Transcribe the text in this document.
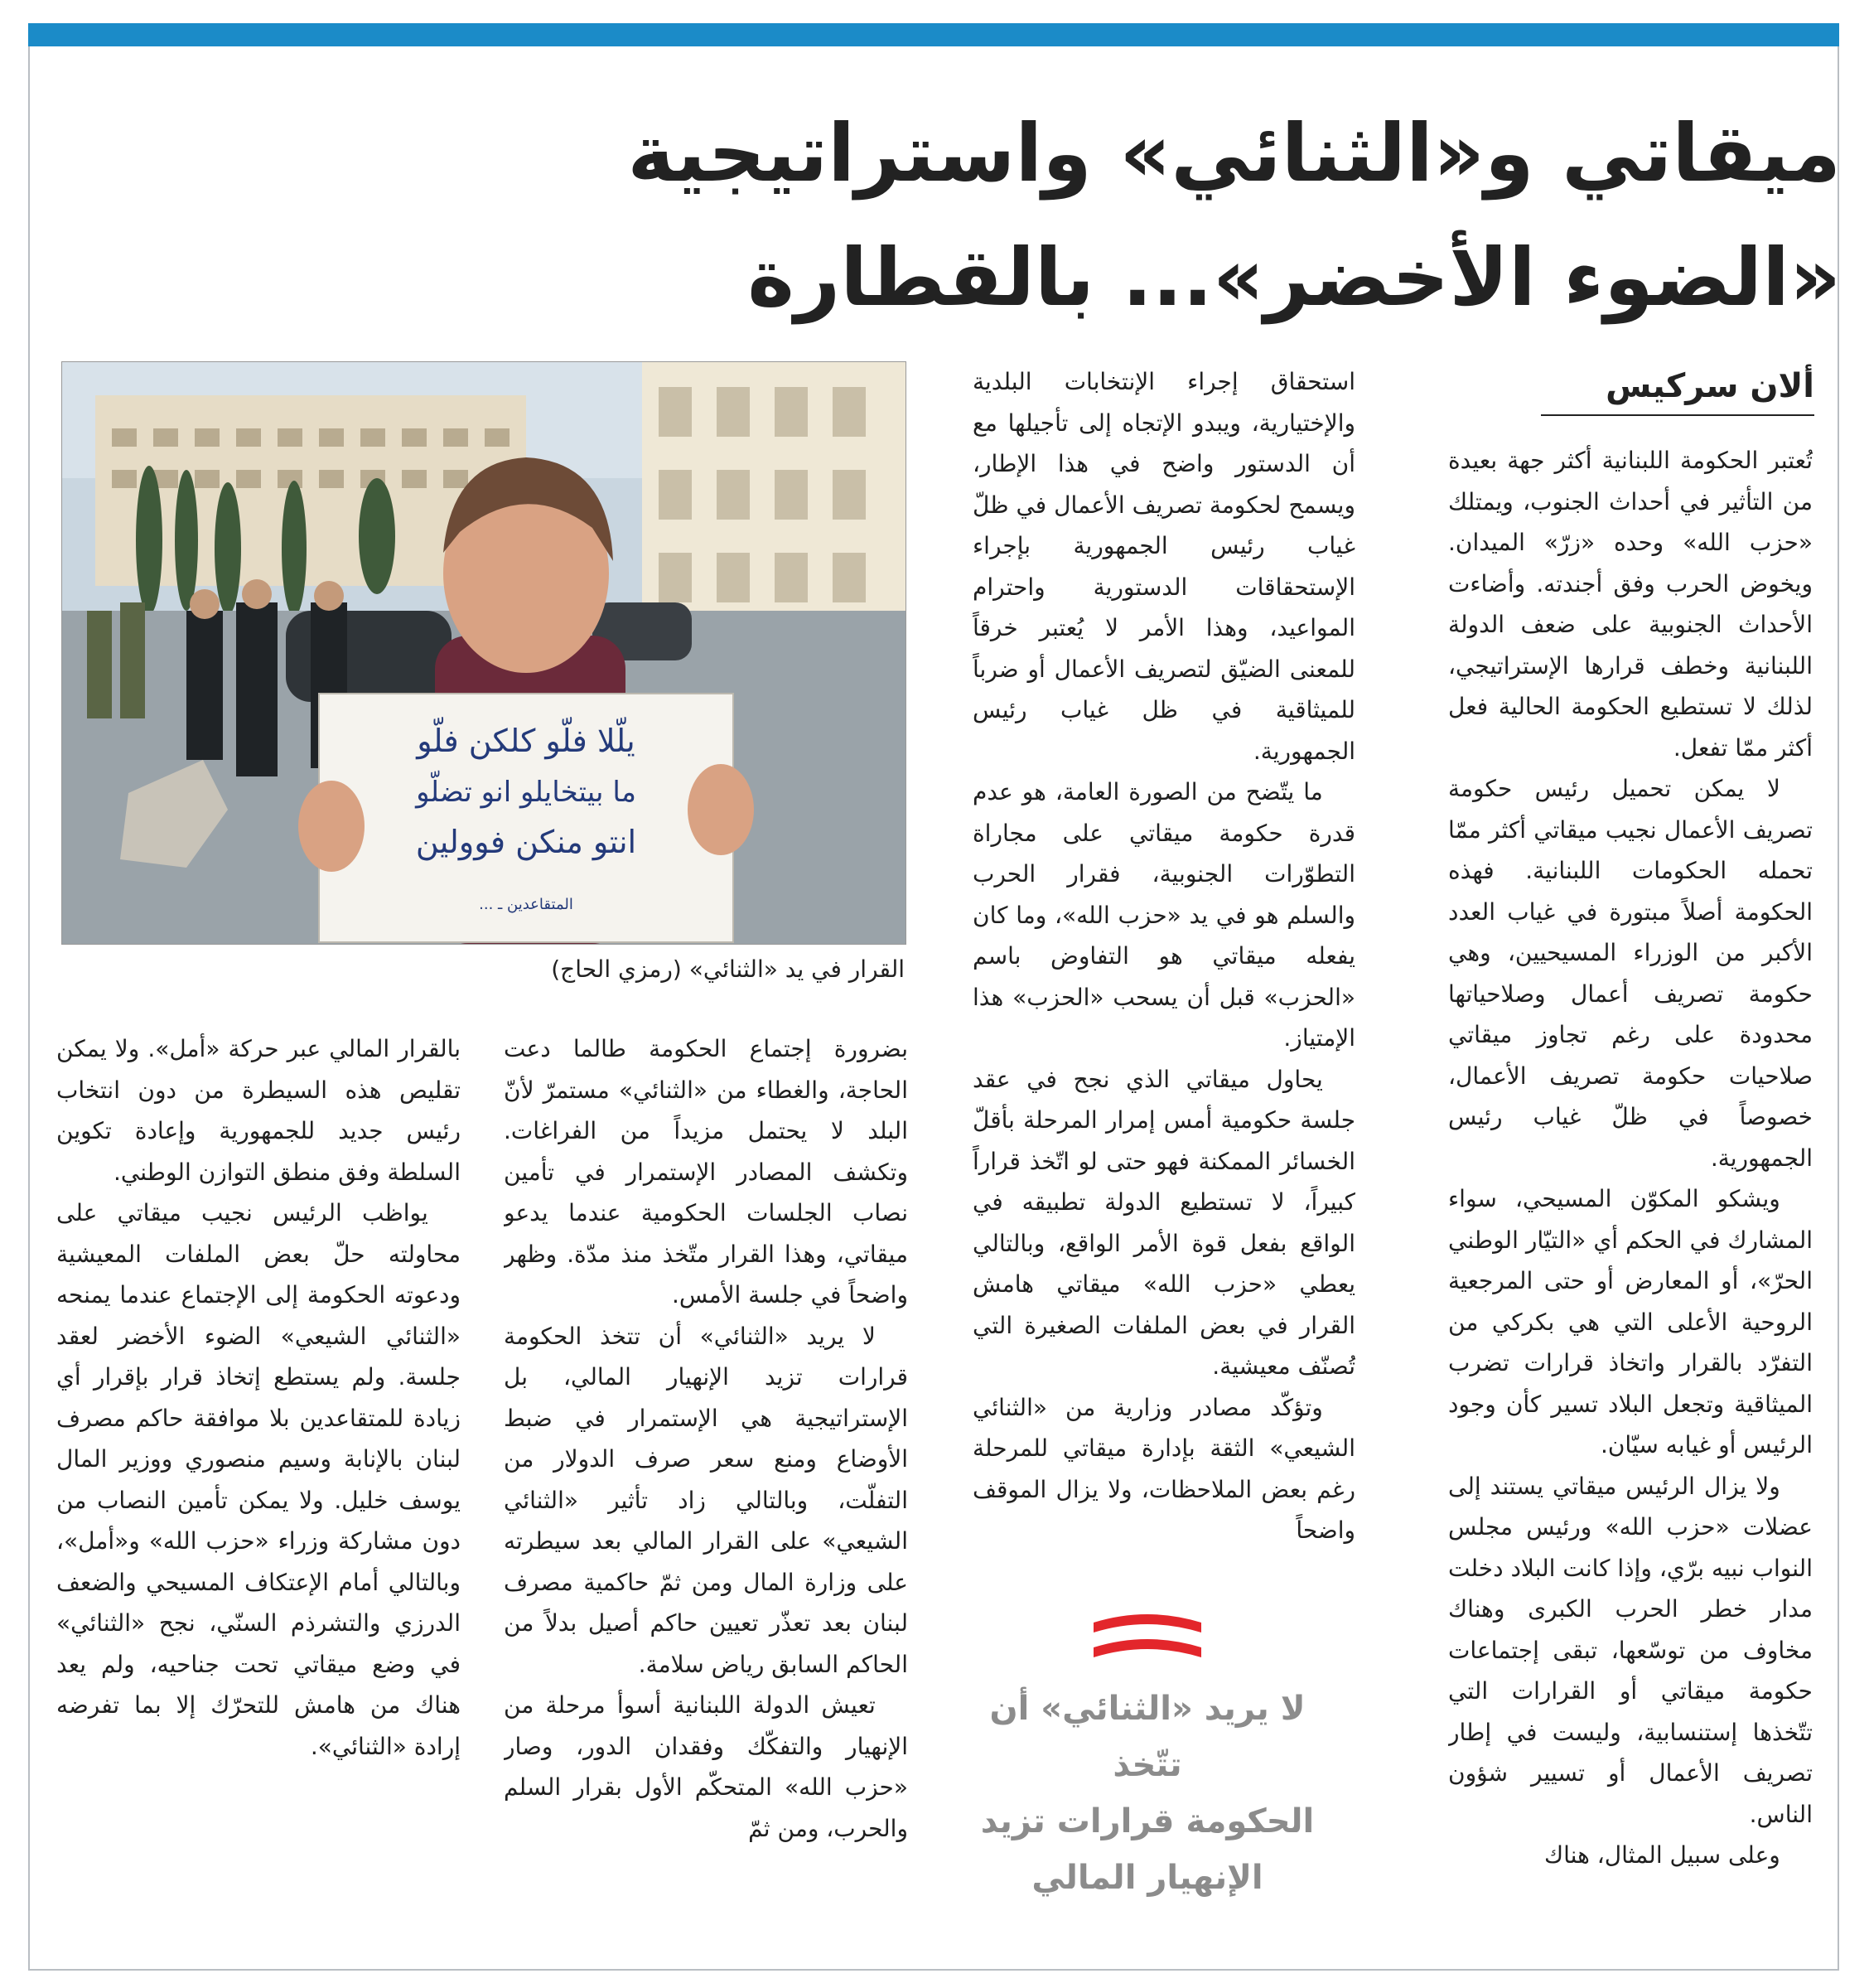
ميقاتي و«الثنائي» واستراتيجية
«الضوء الأخضر»... بالقطارة
ألان سركيس

تُعتبر الحكومة اللبنانية أكثر جهة بعيدة من التأثير في أحداث الجنوب، ويمتلك «حزب الله» وحده «زرّ» الميدان. ويخوض الحرب وفق أجندته. وأضاءت الأحداث الجنوبية على ضعف الدولة اللبنانية وخطف قرارها الإستراتيجي، لذلك لا تستطيع الحكومة الحالية فعل أكثر ممّا تفعل.

لا يمكن تحميل رئيس حكومة تصريف الأعمال نجيب ميقاتي أكثر ممّا تحمله الحكومات اللبنانية. فهذه الحكومة أصلاً مبتورة في غياب العدد الأكبر من الوزراء المسيحيين، وهي حكومة تصريف أعمال وصلاحياتها محدودة على رغم تجاوز ميقاتي صلاحيات حكومة تصريف الأعمال، خصوصاً في ظلّ غياب رئيس الجمهورية.

ويشكو المكوّن المسيحي، سواء المشارك في الحكم أي «التيّار الوطني الحرّ»، أو المعارض أو حتى المرجعية الروحية الأعلى التي هي بكركي من التفرّد بالقرار واتخاذ قرارات تضرب الميثاقية وتجعل البلاد تسير كأن وجود الرئيس أو غيابه سيّان.

ولا يزال الرئيس ميقاتي يستند إلى عضلات «حزب الله» ورئيس مجلس النواب نبيه برّي، وإذا كانت البلاد دخلت مدار خطر الحرب الكبرى وهناك مخاوف من توسّعها، تبقى إجتماعات حكومة ميقاتي أو القرارات التي تتّخذها إستنسابية، وليست في إطار تصريف الأعمال أو تسيير شؤون الناس.

وعلى سبيل المثال، هناك

استحقاق إجراء الإنتخابات البلدية والإختيارية، ويبدو الإتجاه إلى تأجيلها مع أن الدستور واضح في هذا الإطار، ويسمح لحكومة تصريف الأعمال في ظلّ غياب رئيس الجمهورية بإجراء الإستحقاقات الدستورية واحترام المواعيد، وهذا الأمر لا يُعتبر خرقاً للمعنى الضيّق لتصريف الأعمال أو ضرباً للميثاقية في ظل غياب رئيس الجمهورية.

ما يتّضح من الصورة العامة، هو عدم قدرة حكومة ميقاتي على مجاراة التطوّرات الجنوبية، فقرار الحرب والسلم هو في يد «حزب الله»، وما كان يفعله ميقاتي هو التفاوض باسم «الحزب» قبل أن يسحب «الحزب» هذا الإمتياز.

يحاول ميقاتي الذي نجح في عقد جلسة حكومية أمس إمرار المرحلة بأقلّ الخسائر الممكنة فهو حتى لو اتّخذ قراراً كبيراً، لا تستطيع الدولة تطبيقه في الواقع بفعل قوة الأمر الواقع، وبالتالي يعطي «حزب الله» ميقاتي هامش القرار في بعض الملفات الصغيرة التي تُصنّف معيشية.

وتؤكّد مصادر وزارية من «الثنائي الشيعي» الثقة بإدارة ميقاتي للمرحلة رغم بعض الملاحظات، ولا يزال الموقف واضحاً

بضرورة إجتماع الحكومة طالما دعت الحاجة، والغطاء من «الثنائي» مستمرّ لأنّ البلد لا يحتمل مزيداً من الفراغات. وتكشف المصادر الإستمرار في تأمين نصاب الجلسات الحكومية عندما يدعو ميقاتي، وهذا القرار متّخذ منذ مدّة. وظهر واضحاً في جلسة الأمس.

لا يريد «الثنائي» أن تتخذ الحكومة قرارات تزيد الإنهيار المالي، بل الإستراتيجية هي الإستمرار في ضبط الأوضاع ومنع سعر صرف الدولار من التفلّت، وبالتالي زاد تأثير «الثنائي الشيعي» على القرار المالي بعد سيطرته على وزارة المال ومن ثمّ حاكمية مصرف لبنان بعد تعذّر تعيين حاكم أصيل بدلاً من الحاكم السابق رياض سلامة.

تعيش الدولة اللبنانية أسوأ مرحلة من الإنهيار والتفكّك وفقدان الدور، وصار «حزب الله» المتحكّم الأول بقرار السلم والحرب، ومن ثمّ

بالقرار المالي عبر حركة «أمل». ولا يمكن تقليص هذه السيطرة من دون انتخاب رئيس جديد للجمهورية وإعادة تكوين السلطة وفق منطق التوازن الوطني.

يواظب الرئيس نجيب ميقاتي على محاولته حلّ بعض الملفات المعيشية ودعوته الحكومة إلى الإجتماع عندما يمنحه «الثنائي الشيعي» الضوء الأخضر لعقد جلسة. ولم يستطع إتخاذ قرار بإقرار أي زيادة للمتقاعدين بلا موافقة حاكم مصرف لبنان بالإنابة وسيم منصوري ووزير المال يوسف خليل. ولا يمكن تأمين النصاب من دون مشاركة وزراء «حزب الله» و«أمل»، وبالتالي أمام الإعتكاف المسيحي والضعف الدرزي والتشرذم السنّي، نجح «الثنائي» في وضع ميقاتي تحت جناحيه، ولم يعد هناك من هامش للتحرّك إلا بما تفرضه إرادة «الثنائي».

يلّلا فلّو كلكن فلّو
ما بيتخايلو انو تضلّو
انتو منكن فوولين
المتقاعدين ـ ...
القرار في يد «الثنائي» (رمزي الحاج)
لا يريد «الثنائي» أن تتّخذ
الحكومة قرارات تزيد
الإنهيار المالي
